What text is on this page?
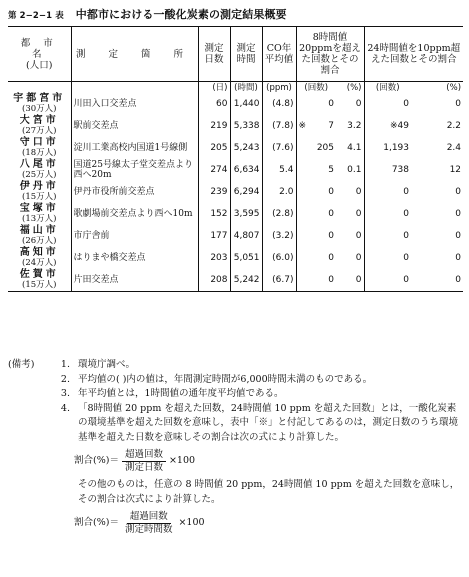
第 2−2−1 表 中都市における一酸化炭素の測定結果概要
都 市 名
(人口)	測 定 箇 所	測定日数	測定時間	CO年平均値	8時間値20ppmを超えた回数とその割合		24時間値を10ppm超えた回数とその割合	
		(日)	(時間)	(ppm)	(回数)	(%)	(回数)	(%)

宇都宮市
(30万人)	川田入口交差点	60	1,440	(4.8)	0	0	0	0

大宮市
(27万人)	駅前交差点	219	5,338	(7.8)	※ 7	3.2	※49	2.2

守口市
(18万人)	淀川工業高校内国道1号線側	205	5,243	(7.6)	205	4.1	1,193	2.4

八尾市
(25万人)	国道25号線太子堂交差点より西へ20m	274	6,634	5.4	5	0.1	738	12

伊丹市
(15万人)	伊丹市役所前交差点	239	6,294	2.0	0	0	0	0

宝塚市
(13万人)	歌劇場前交差点より西へ10m	152	3,595	(2.8)	0	0	0	0

福山市
(26万人)	市庁舎前	177	4,807	(3.2)	0	0	0	0

高知市
(24万人)	はりまや橋交差点	203	5,051	(6.0)	0	0	0	0

佐賀市
(15万人)	片田交差点	208	5,242	(6.7)	0	0	0	0
(備考)	1. 環境庁調べ。
2. 平均値の( )内の値は，年間測定時間が6,000時間未満のものである。
3. 年平均値とは，1時間値の通年度平均値である。
4. 「8時間値 20 ppm を超えた回数，24時間値 10 ppm を超えた回数」とは，一酸化炭素の環境基準を超えた回数を意味し，表中「※」と付記してあるのは，測定日数のうち環境基準を超えた日数を意味しその割合は次の式により計算した。
割合(%)＝ $\frac{\text{超過回数}}{\text{測定日数}} \times 100$
その他のものは，任意の 8 時間値 20 ppm，24時間値 10 ppm を超えた回数を意味し，その割合は次式により計算した。
割合(%)＝ $\frac{\text{超過回数}}{\text{測定時間数}} \times 100$
